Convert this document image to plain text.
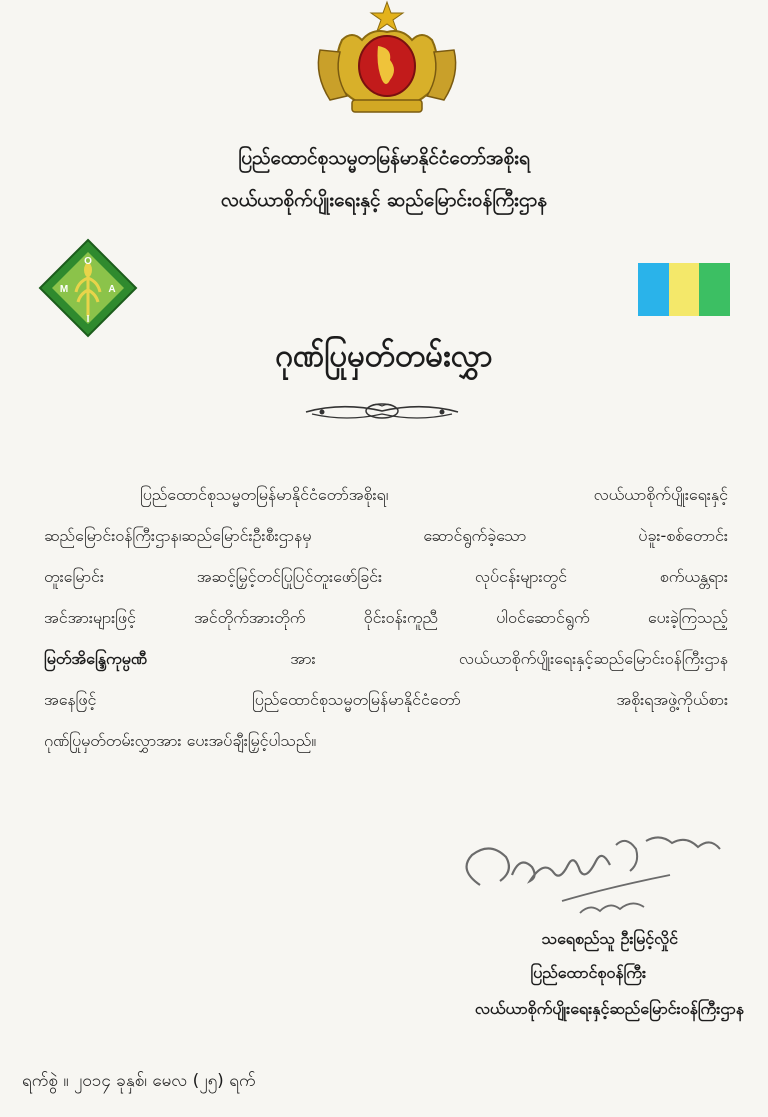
ပြည်ထောင်စုသမ္မတမြန်မာနိုင်ငံတော်အစိုးရ
လယ်ယာစိုက်ပျိုးရေးနှင့် ဆည်မြောင်းဝန်ကြီးဌာန
O
M	A
I
ဂုဏ်ပြုမှတ်တမ်းလွှာ
ပြည်ထောင်စုသမ္မတမြန်မာနိုင်ငံတော်အစိုးရ၊	လယ်ယာစိုက်ပျိုးရေးနှင့်
ဆည်မြောင်းဝန်ကြီးဌာန၊ဆည်မြောင်းဦးစီးဌာနမှ	ဆောင်ရွက်ခဲ့သော	ပဲခူး-စစ်တောင်း
တူးမြောင်း	အဆင့်မြှင့်တင်ပြုပြင်တူးဖော်ခြင်း	လုပ်ငန်းများတွင်	စက်ယန္တရား
အင်အားများဖြင့်	အင်တိုက်အားတိုက်	ဝိုင်းဝန်းကူညီ	ပါဝင်ဆောင်ရွက်	ပေးခဲ့ကြသည့်
မြတ်အိန္ဒြေကုမ္ပဏီ	အား	လယ်ယာစိုက်ပျိုးရေးနှင့်ဆည်မြောင်းဝန်ကြီးဌာန
အနေဖြင့်	ပြည်ထောင်စုသမ္မတမြန်မာနိုင်ငံတော်	အစိုးရအဖွဲ့ကိုယ်စား
ဂုဏ်ပြုမှတ်တမ်းလွှာအား ပေးအပ်ချီးမြှင့်ပါသည်။
သရေစည်သူ ဦးမြင့်လှိုင်
ပြည်ထောင်စုဝန်ကြီး
လယ်ယာစိုက်ပျိုးရေးနှင့်ဆည်မြောင်းဝန်ကြီးဌာန
ရက်စွဲ ။ ၂၀၁၄ ခုနှစ်၊ မေလ (၂၅) ရက်
